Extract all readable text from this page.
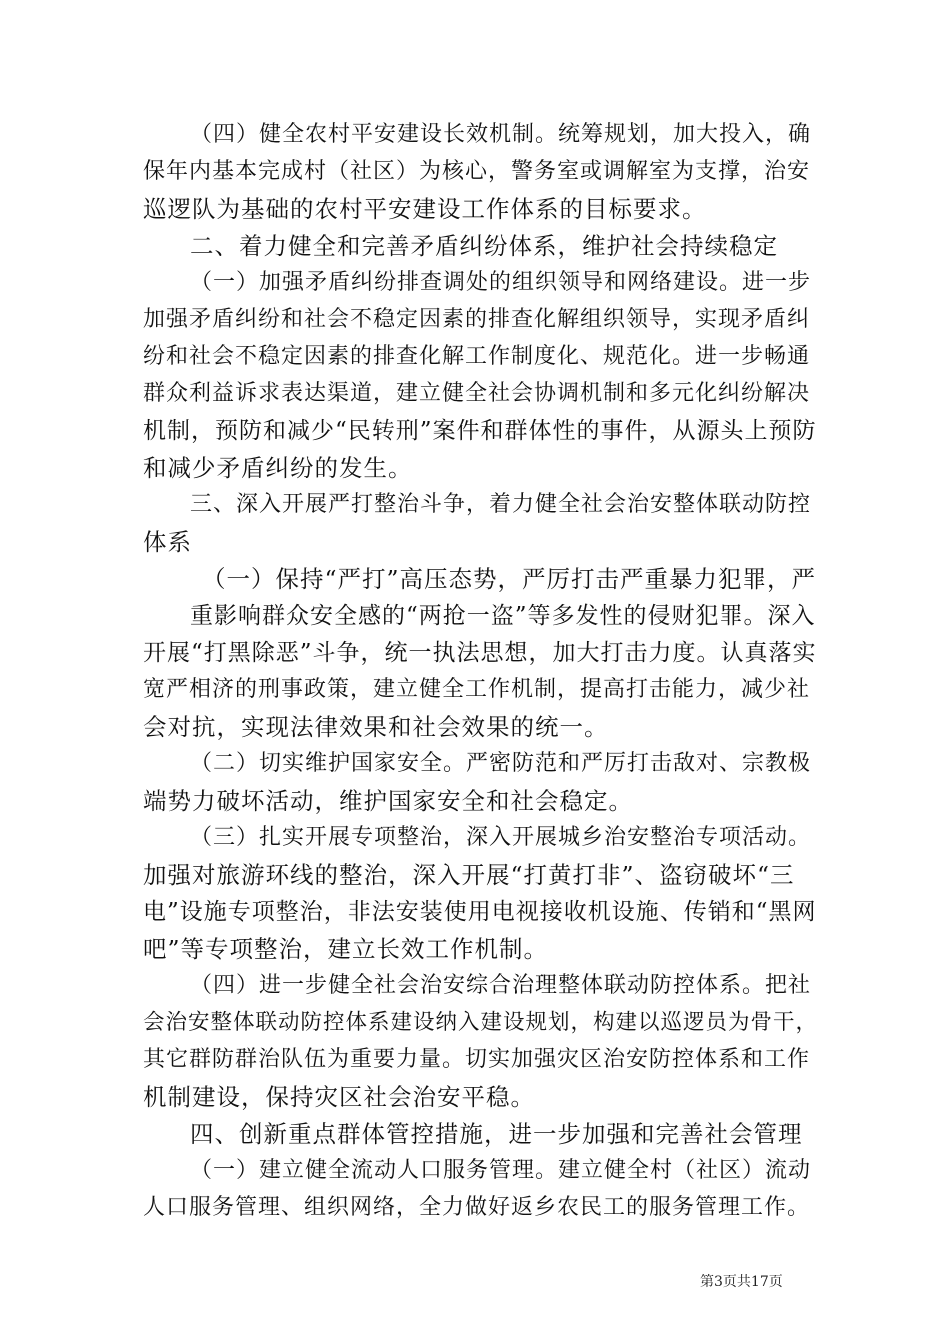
（四）健全农村平安建设长效机制。统筹规划，加大投入，确
保年内基本完成村（社区）为核心，警务室或调解室为支撑，治安
巡逻队为基础的农村平安建设工作体系的目标要求。
二、着力健全和完善矛盾纠纷体系，维护社会持续稳定
（一）加强矛盾纠纷排查调处的组织领导和网络建设。进一步
加强矛盾纠纷和社会不稳定因素的排查化解组织领导，实现矛盾纠
纷和社会不稳定因素的排查化解工作制度化、规范化。进一步畅通
群众利益诉求表达渠道，建立健全社会协调机制和多元化纠纷解决
机制，预防和减少“民转刑”案件和群体性的事件，从源头上预防
和减少矛盾纠纷的发生。
三、深入开展严打整治斗争，着力健全社会治安整体联动防控
体系
（一）保持“严打”高压态势，严厉打击严重暴力犯罪，严
重影响群众安全感的“两抢一盗”等多发性的侵财犯罪。深入
开展“打黑除恶”斗争，统一执法思想，加大打击力度。认真落实
宽严相济的刑事政策，建立健全工作机制，提高打击能力，减少社
会对抗，实现法律效果和社会效果的统一。
（二）切实维护国家安全。严密防范和严厉打击敌对、宗教极
端势力破坏活动，维护国家安全和社会稳定。
（三）扎实开展专项整治，深入开展城乡治安整治专项活动。
加强对旅游环线的整治，深入开展“打黄打非”、盗窃破坏“三
电”设施专项整治，非法安装使用电视接收机设施、传销和“黑网
吧”等专项整治，建立长效工作机制。
（四）进一步健全社会治安综合治理整体联动防控体系。把社
会治安整体联动防控体系建设纳入建设规划，构建以巡逻员为骨干，
其它群防群治队伍为重要力量。切实加强灾区治安防控体系和工作
机制建设，保持灾区社会治安平稳。
四、创新重点群体管控措施，进一步加强和完善社会管理
（一）建立健全流动人口服务管理。建立健全村（社区）流动
人口服务管理、组织网络，全力做好返乡农民工的服务管理工作。
第3页共17页
